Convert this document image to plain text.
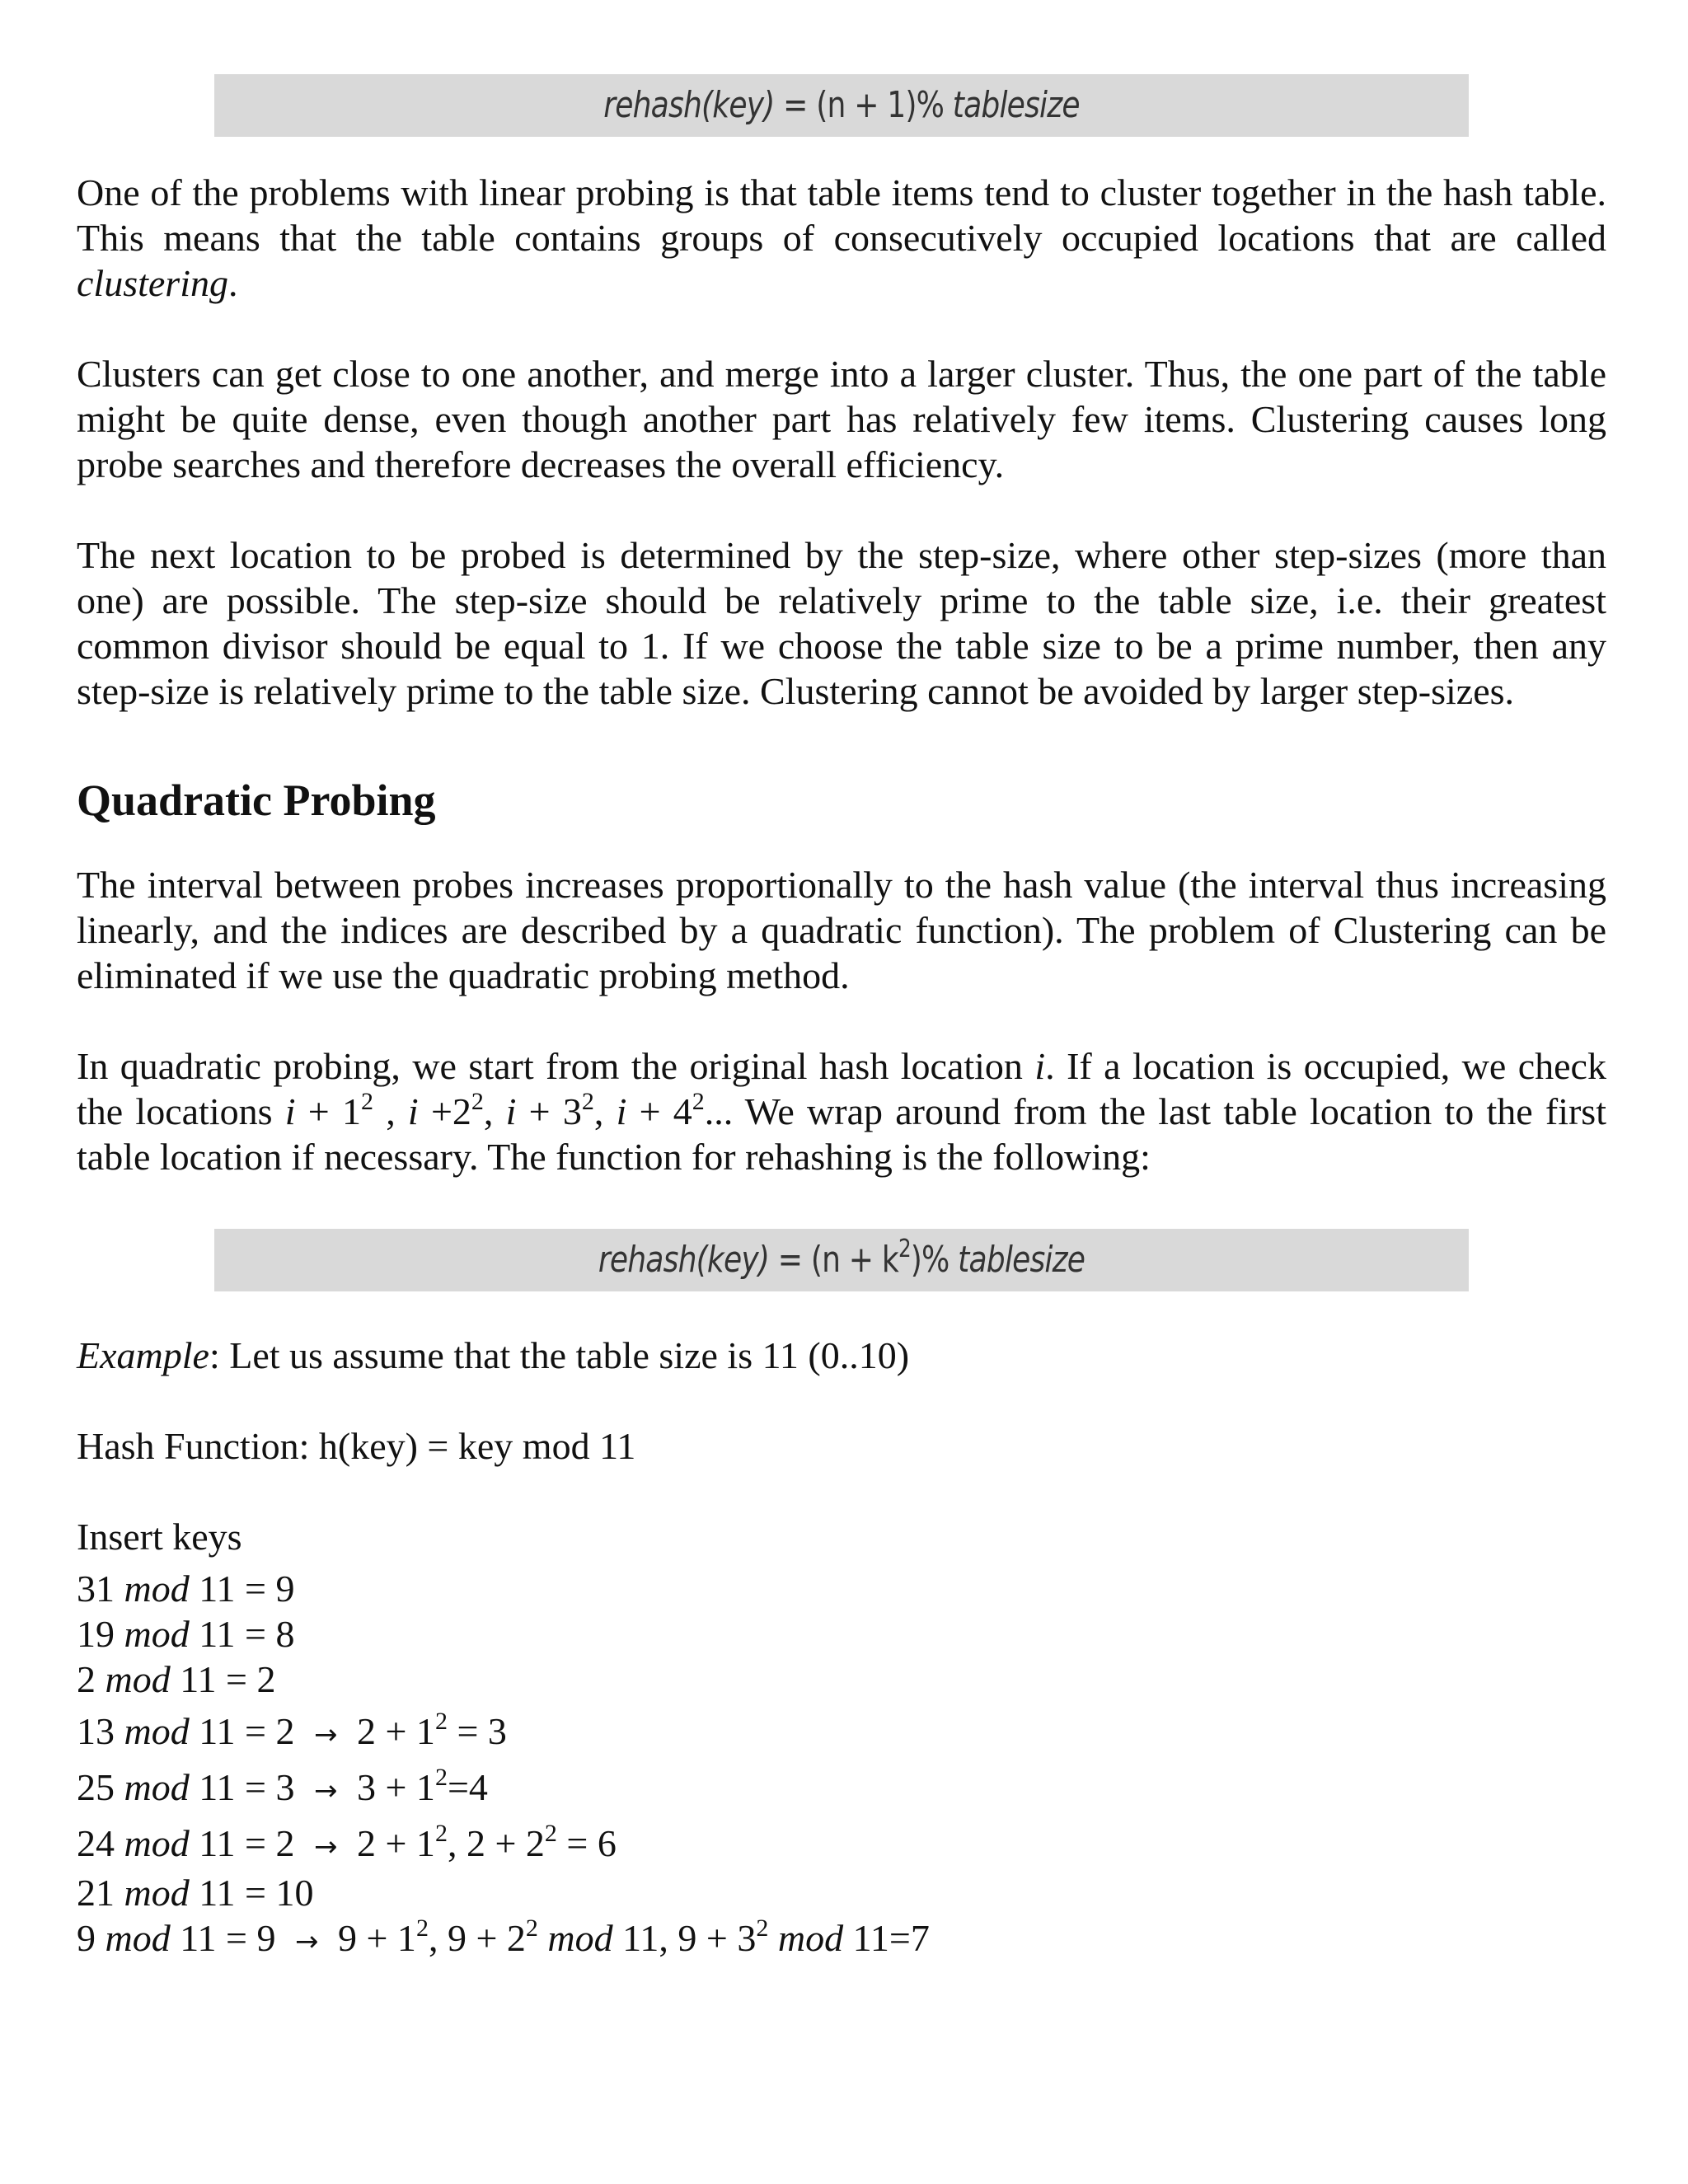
rehash(key) = (n + 1)% tablesize

One of the problems with linear probing is that table items tend to cluster together in the hash table. This means that the table contains groups of consecutively occupied locations that are called clustering.

Clusters can get close to one another, and merge into a larger cluster. Thus, the one part of the table might be quite dense, even though another part has relatively few items. Clustering causes long probe searches and therefore decreases the overall efficiency.

The next location to be probed is determined by the step-size, where other step-sizes (more than one) are possible. The step-size should be relatively prime to the table size, i.e. their greatest common divisor should be equal to 1. If we choose the table size to be a prime number, then any step-size is relatively prime to the table size. Clustering cannot be avoided by larger step-sizes.

Quadratic Probing

The interval between probes increases proportionally to the hash value (the interval thus increasing linearly, and the indices are described by a quadratic function). The problem of Clustering can be eliminated if we use the quadratic probing method.

In quadratic probing, we start from the original hash location i. If a location is occupied, we check the locations $i + 1^2$ , $i +2^2$, $i + 3^2$, $i + 4^2$... We wrap around from the last table location to the first table location if necessary. The function for rehashing is the following:

rehash(key) = $(n + k^2)\%$ tablesize

Example: Let us assume that the table size is 11 (0..10)

Hash Function: h(key) = key mod 11

Insert keys

31 mod 11 = 9
19 mod 11 = 8
2 mod 11 = 2
13 mod $11 = 2 \to 2 + 1^2 = 3$
25 mod $11 = 3 \to 3 + 1^2=4$
24 mod $11 = 2 \to 2 + 1^2$, $2 + 2^2 = 6$
21 mod 11 = 10
9 mod $11 = 9 \to 9 + 1^2$, $9 + 2^2$ mod 11, $9 + 3^2$ mod 11=7
